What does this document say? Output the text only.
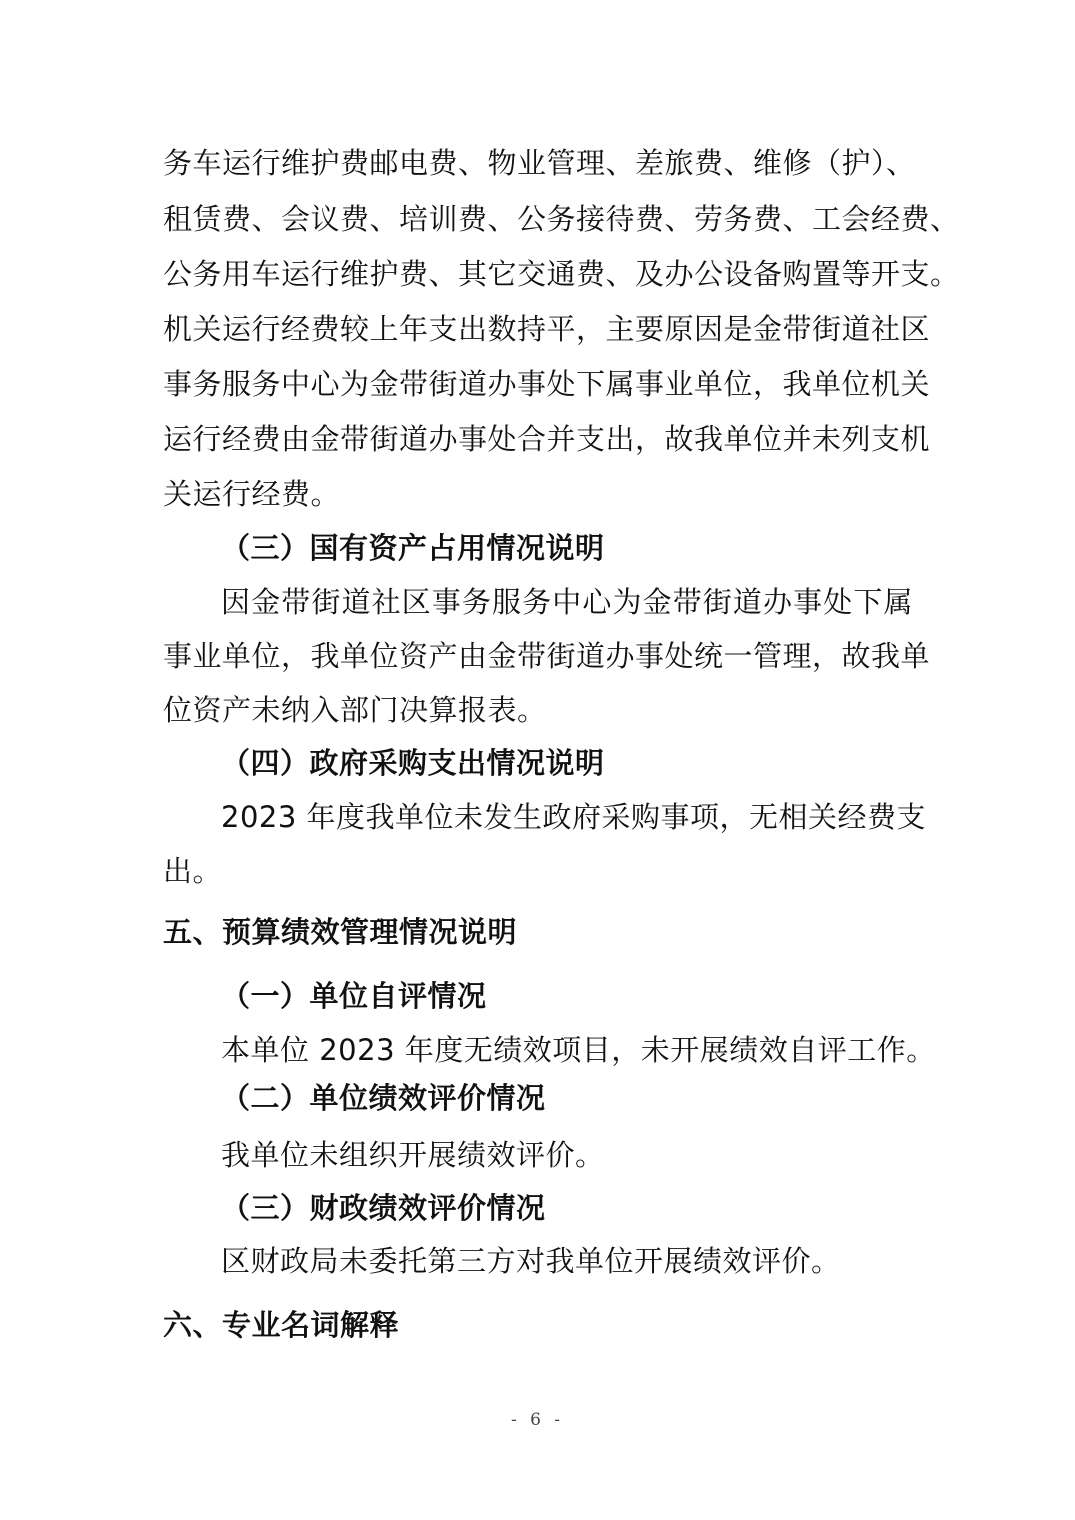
务车运行维护费邮电费、物业管理、差旅费、维修（护）、
租赁费、会议费、培训费、公务接待费、劳务费、工会经费、
公务用车运行维护费、其它交通费、及办公设备购置等开支。
机关运行经费较上年支出数持平，主要原因是金带街道社区
事务服务中心为金带街道办事处下属事业单位，我单位机关
运行经费由金带街道办事处合并支出，故我单位并未列支机
关运行经费。
（三）国有资产占用情况说明
因金带街道社区事务服务中心为金带街道办事处下属
事业单位，我单位资产由金带街道办事处统一管理，故我单
位资产未纳入部门决算报表。
（四）政府采购支出情况说明
2023 年度我单位未发生政府采购事项，无相关经费支
出。
五、预算绩效管理情况说明
（一）单位自评情况
本单位 2023 年度无绩效项目，未开展绩效自评工作。
（二）单位绩效评价情况
我单位未组织开展绩效评价。
（三）财政绩效评价情况
区财政局未委托第三方对我单位开展绩效评价。
六、专业名词解释
- 6 -
